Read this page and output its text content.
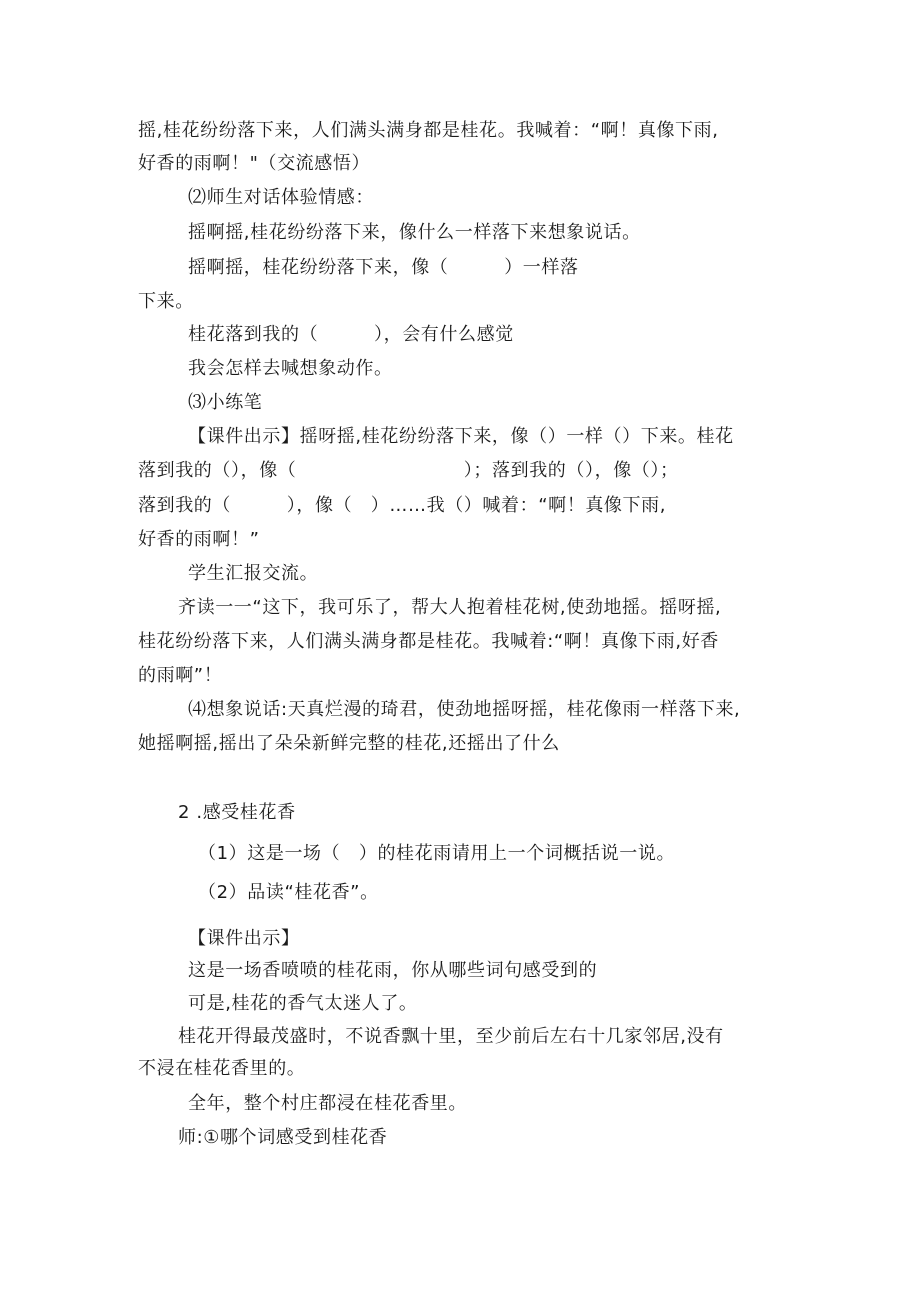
摇,桂花纷纷落下来，人们满头满身都是桂花。我喊着：“啊！真像下雨,
好香的雨啊！"（交流感悟）
⑵师生对话体验情感：
摇啊摇,桂花纷纷落下来，像什么一样落下来想象说话。
摇啊摇，桂花纷纷落下来，像（　　　）一样落
下来。
桂花落到我的（　　　），会有什么感觉
我会怎样去喊想象动作。
⑶小练笔
【课件出示】摇呀摇,桂花纷纷落下来，像（）一样（）下来。桂花
落到我的（），像（　　　　　　　　　）；落到我的（），像（）；
落到我的（　　　），像（　）……我（）喊着：“啊！真像下雨,
好香的雨啊！”
学生汇报交流。
齐读一一“这下，我可乐了，帮大人抱着桂花树,使劲地摇。摇呀摇,
桂花纷纷落下来，人们满头满身都是桂花。我喊着:“啊！真像下雨,好香
的雨啊”！
⑷想象说话:天真烂漫的琦君，使劲地摇呀摇，桂花像雨一样落下来,
她摇啊摇,摇出了朵朵新鲜完整的桂花,还摇出了什么
2 .感受桂花香
（1）这是一场（　）的桂花雨请用上一个词概括说一说。
（2）品读“桂花香”。
【课件出示】
这是一场香喷喷的桂花雨，你从哪些词句感受到的
可是,桂花的香气太迷人了。
桂花开得最茂盛时，不说香飘十里，至少前后左右十几家邻居,没有
不浸在桂花香里的。
全年，整个村庄都浸在桂花香里。
师:①哪个词感受到桂花香
